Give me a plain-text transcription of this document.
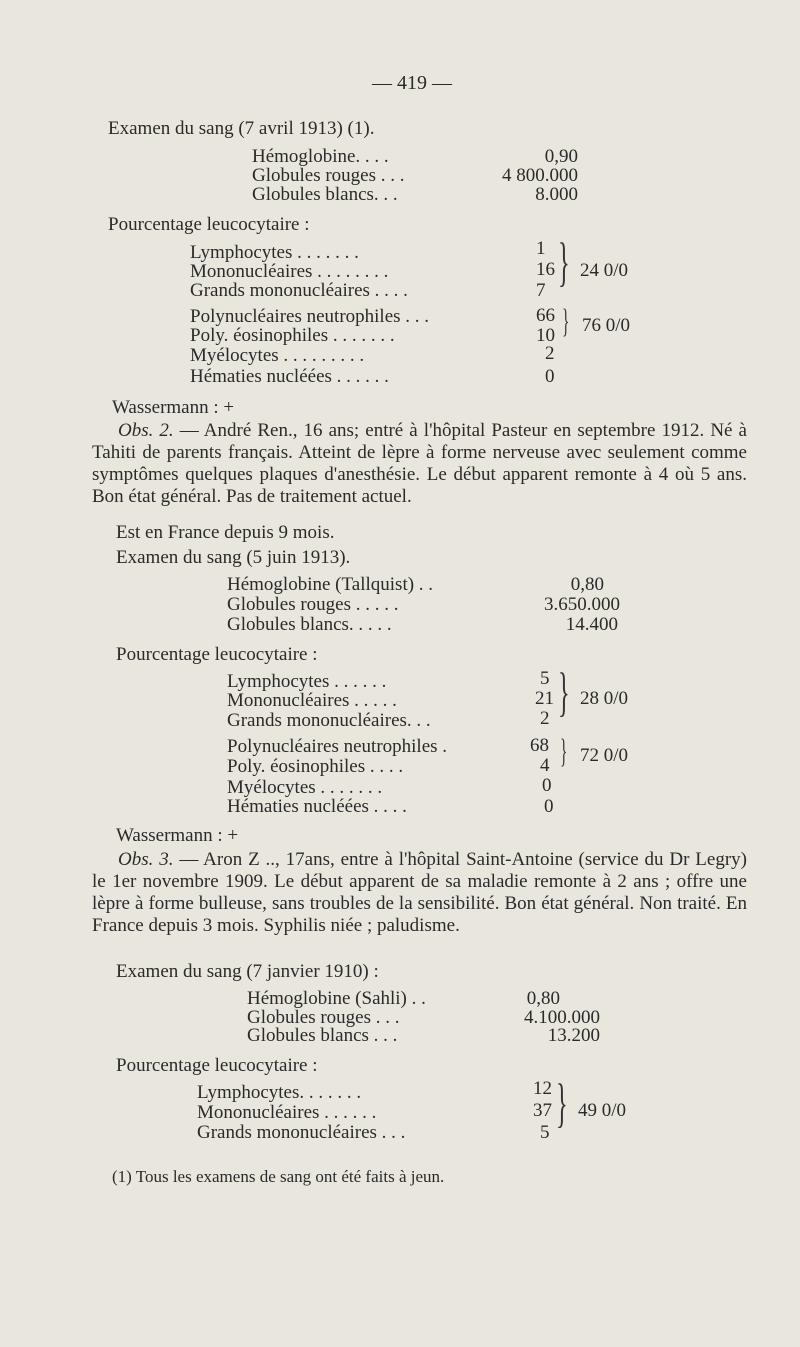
— 419 —
Examen du sang (7 avril 1913) (1).
Hémoglobine. . . .	0,90
Globules rouges . . .	4 800.000
Globules blancs. . .	8.000
Pourcentage leucocytaire :
Lymphocytes . . . . . . .	1
Mononucléaires . . . . . . . .	16
Grands mononucléaires . . . .	7 } 24 0/0
Polynucléaires neutrophiles . . .	66
Poly. éosinophiles . . . . . . .	10 } 76 0/0
Myélocytes . . . . . . . . .	2
Hématies nucléées . . . . . .	0
Wassermann : +
Obs. 2. — André Ren., 16 ans; entré à l'hôpital Pasteur en septembre 1912. Né à Tahiti de parents français. Atteint de lèpre à forme nerveuse avec seulement comme symptômes quelques plaques d'anesthésie. Le début apparent remonte à 4 où 5 ans. Bon état général. Pas de traitement actuel.
Est en France depuis 9 mois.
Examen du sang (5 juin 1913).
Hémoglobine (Tallquist) . .	0,80
Globules rouges . . . . .	3.650.000
Globules blancs. . . . .	14.400
Pourcentage leucocytaire :
Lymphocytes . . . . . .	5
Mononucléaires . . . . .	21
Grands mononucléaires. . .	2 } 28 0/0
Polynucléaires neutrophiles .	68
Poly. éosinophiles . . . .	4 } 72 0/0
Myélocytes . . . . . . .	0
Hématies nucléées . . . .	0
Wassermann : +
Obs. 3. — Aron Z .., 17ans, entre à l'hôpital Saint-Antoine (service du Dr Legry) le 1er novembre 1909. Le début apparent de sa maladie remonte à 2 ans ; offre une lèpre à forme bulleuse, sans troubles de la sensibilité. Bon état général. Non traité. En France depuis 3 mois. Syphilis niée ; paludisme.
Examen du sang (7 janvier 1910) :
Hémoglobine (Sahli) . .	0,80
Globules rouges . . .	4.100.000
Globules blancs . . .	13.200
Pourcentage leucocytaire :
Lymphocytes. . . . . . .	12
Mononucléaires . . . . . .	37
Grands mononucléaires . . .	5 } 49 0/0
(1) Tous les examens de sang ont été faits à jeun.
